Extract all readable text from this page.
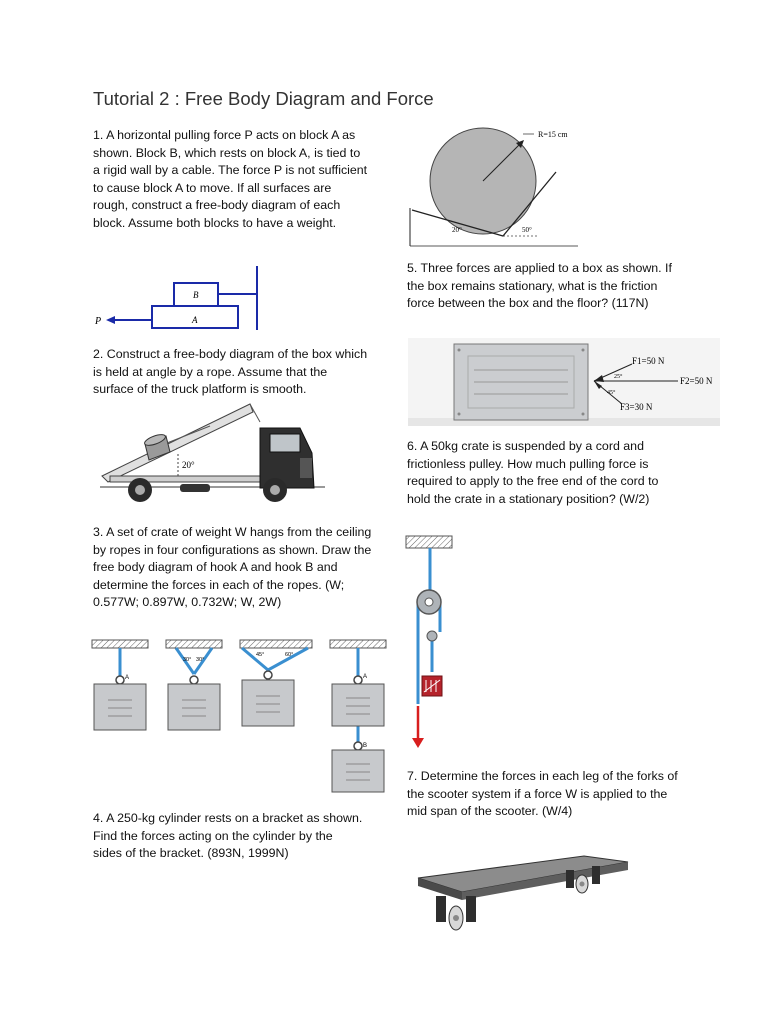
Tutorial 2 : Free Body Diagram and Force

1. A horizontal pulling force P acts on block A as shown. Block B, which rests on block A, is tied to a rigid wall by a cable. The force P is not sufficient to cause block A to move. If all surfaces are rough, construct a free-body diagram of each block. Assume both blocks to have a weight.

2. Construct a free-body diagram of the box which is held at angle by a rope. Assume that the surface of the truck platform is smooth.

3. A set of crate of weight W hangs from the ceiling by ropes in four configurations as shown. Draw the free body diagram of hook A and hook B and determine the forces in each of the ropes. (W; 0.577W; 0.897W, 0.732W; W, 2W)

4. A 250-kg cylinder rests on a bracket as shown. Find the forces acting on the cylinder by the sides of the bracket. (893N, 1999N)

5. Three forces are applied to a box as shown. If the box remains stationary, what is the friction force between the box and the floor? (117N)

6. A 50kg crate is suspended by a cord and frictionless pulley. How much pulling force is required to apply to the free end of the cord to hold the crate in a stationary position? (W/2)

7. Determine the forces in each leg of the forks of the scooter system if a force W is applied to the mid span of the scooter. (W/4)

B
A
P
20°
A	A
B
30° 30°
45°	60°
R=15 cm
20°	50°
F1=50 N
F2=50 N
F3=30 N
25°
45°
